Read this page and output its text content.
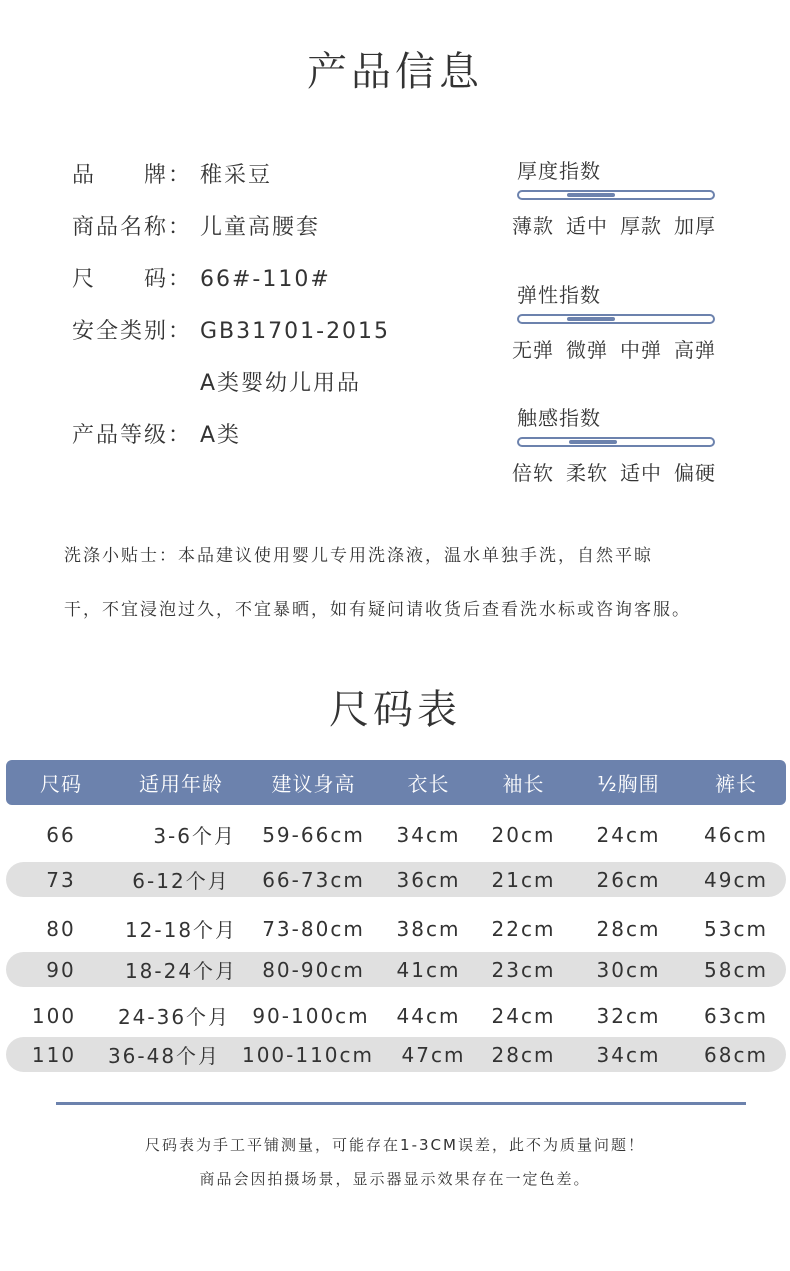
产品信息
品　　牌： 稚采豆
商品名称： 儿童高腰套
尺　　码： 66#-110#
安全类别： GB31701-2015
A类婴幼儿用品
产品等级： A类
厚度指数
薄款 适中 厚款 加厚
弹性指数
无弹 微弹 中弹 高弹
触感指数
倍软 柔软 适中 偏硬
洗涤小贴士：本品建议使用婴儿专用洗涤液，温水单独手洗，自然平晾
干，不宜浸泡过久，不宜暴晒，如有疑问请收货后查看洗水标或咨询客服。
尺码表
尺码	适用年龄	建议身高	衣长	袖长	½胸围	裤长
66	3-6个月	59-66cm	34cm	20cm	24cm	46cm
73	6-12个月	66-73cm	36cm	21cm	26cm	49cm
80	12-18个月	73-80cm	38cm	22cm	28cm	53cm
90	18-24个月	80-90cm	41cm	23cm	30cm	58cm
100	24-36个月	90-100cm	44cm	24cm	32cm	63cm
110	36-48个月	100-110cm	47cm	28cm	34cm	68cm
尺码表为手工平铺测量，可能存在1-3CM误差，此不为质量问题！
商品会因拍摄场景，显示器显示效果存在一定色差。
